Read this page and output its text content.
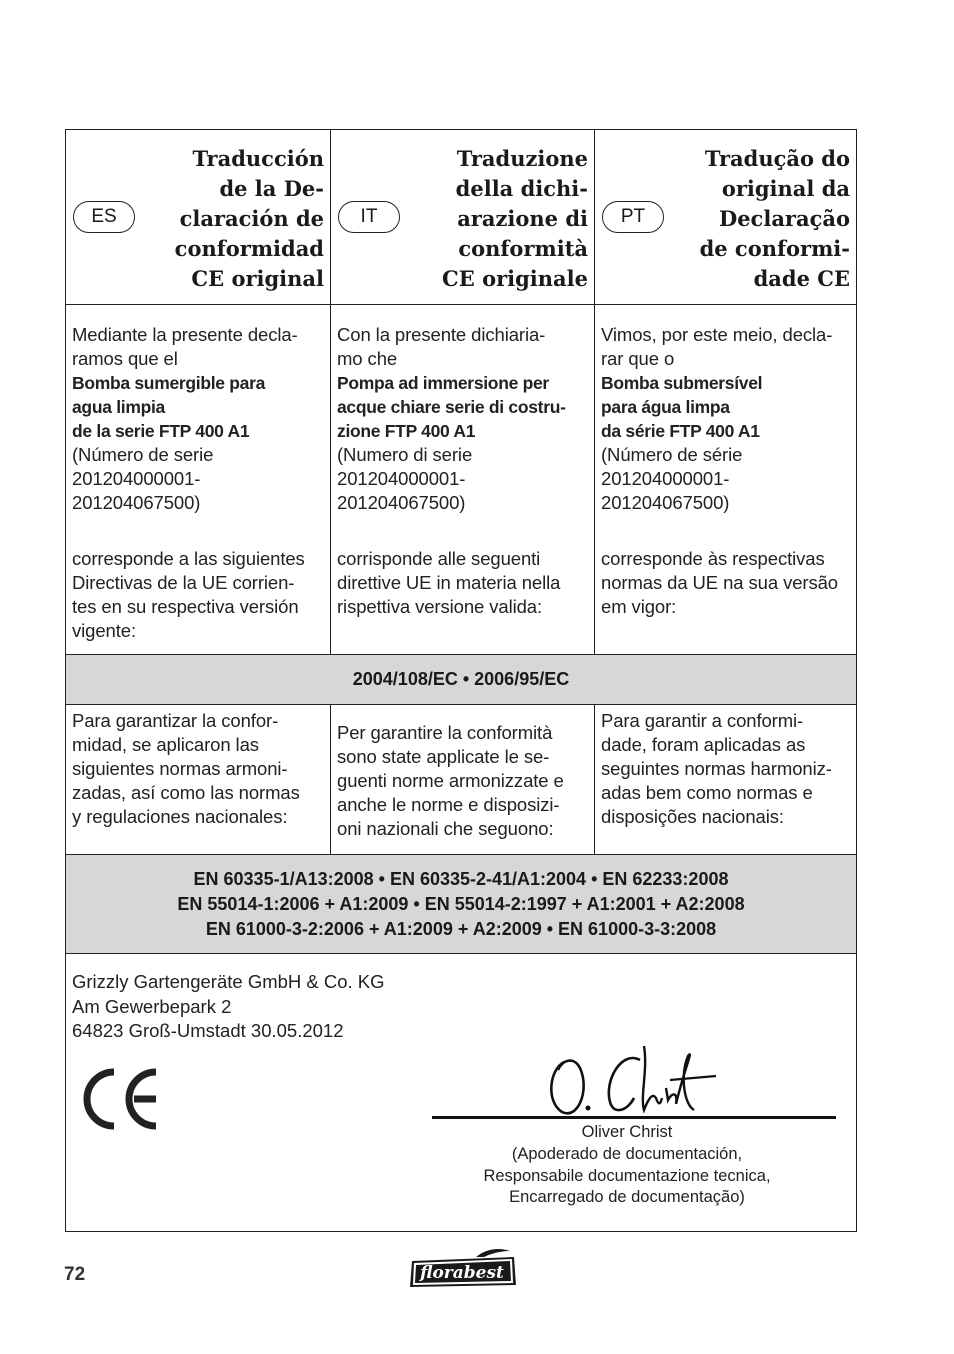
ES
Traducción
de la De-
claración de
conformidad
CE original
IT
Traduzione
della dichi-
arazione di
conformità
CE originale
PT
Tradução do
original da
Declaração
de conformi-
dade CE
Mediante la presente decla-
ramos que el
Bomba sumergible para
agua limpia
de la serie FTP 400 A1
(Número de serie
201204000001-
201204067500)
corresponde a las siguientes
Directivas de la UE corrien-
tes en su respectiva versión
vigente:
Con la presente dichiaria-
mo che
Pompa ad immersione per
acque chiare serie di costru-
zione FTP 400 A1
(Numero di serie
201204000001-
201204067500)
corrisponde alle seguenti
direttive UE in materia nella
rispettiva versione valida:
Vimos, por este meio, decla-
rar que o
Bomba submersível
para água limpa
da série FTP 400 A1
(Número de série
201204000001-
201204067500)
corresponde às respectivas
normas da UE na sua versão
em vigor:
2004/108/EC • 2006/95/EC
Para garantizar la confor-
midad, se aplicaron las
siguientes normas armoni-
zadas, así como las normas
y regulaciones nacionales:
Per garantire la conformità
sono state applicate le se-
guenti norme armonizzate e
anche le norme e disposizi-
oni nazionali che seguono:
Para garantir a conformi-
dade, foram aplicadas as
seguintes normas harmoniz-
adas bem como normas e
disposições nacionais:
EN 60335-1/A13:2008 • EN 60335-2-41/A1:2004 • EN 62233:2008
EN 55014-1:2006 + A1:2009 • EN 55014-2:1997 + A1:2001 + A2:2008
EN 61000-3-2:2006 + A1:2009 + A2:2009 • EN 61000-3-3:2008
Grizzly Gartengeräte GmbH & Co. KG
Am Gewerbepark 2
64823 Groß-Umstadt 30.05.2012
Oliver Christ
(Apoderado de documentación,
Responsabile documentazione tecnica,
Encarregado de documentação)
72	florabest
